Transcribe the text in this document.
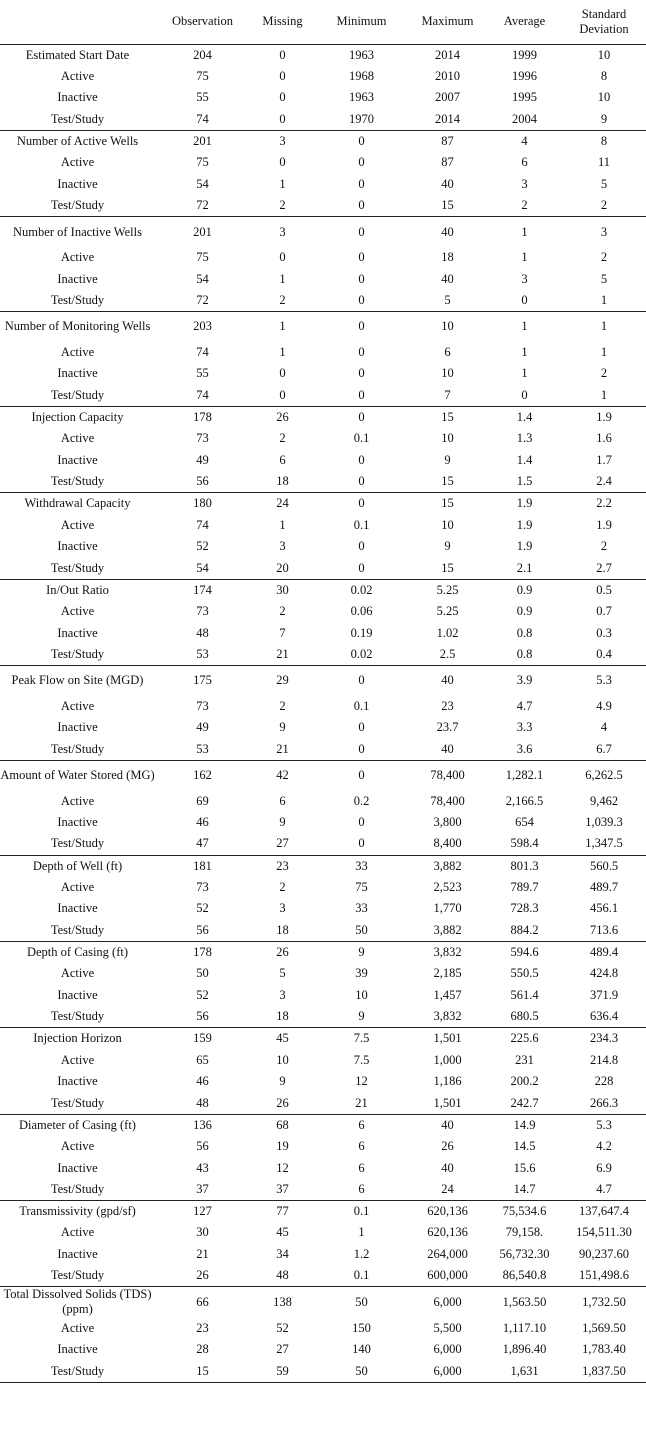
	Observation	Missing	Minimum	Maximum	Average	Standard Deviation
Estimated Start Date	204	0	1963	2014	1999	10
Active	75	0	1968	2010	1996	8
Inactive	55	0	1963	2007	1995	10
Test/Study	74	0	1970	2014	2004	9
Number of Active Wells	201	3	0	87	4	8
Active	75	0	0	87	6	11
Inactive	54	1	0	40	3	5
Test/Study	72	2	0	15	2	2
Number of Inactive Wells	201	3	0	40	1	3
Active	75	0	0	18	1	2
Inactive	54	1	0	40	3	5
Test/Study	72	2	0	5	0	1
Number of Monitoring Wells	203	1	0	10	1	1
Active	74	1	0	6	1	1
Inactive	55	0	0	10	1	2
Test/Study	74	0	0	7	0	1
Injection Capacity	178	26	0	15	1.4	1.9
Active	73	2	0.1	10	1.3	1.6
Inactive	49	6	0	9	1.4	1.7
Test/Study	56	18	0	15	1.5	2.4
Withdrawal Capacity	180	24	0	15	1.9	2.2
Active	74	1	0.1	10	1.9	1.9
Inactive	52	3	0	9	1.9	2
Test/Study	54	20	0	15	2.1	2.7
In/Out Ratio	174	30	0.02	5.25	0.9	0.5
Active	73	2	0.06	5.25	0.9	0.7
Inactive	48	7	0.19	1.02	0.8	0.3
Test/Study	53	21	0.02	2.5	0.8	0.4
Peak Flow on Site (MGD)	175	29	0	40	3.9	5.3
Active	73	2	0.1	23	4.7	4.9
Inactive	49	9	0	23.7	3.3	4
Test/Study	53	21	0	40	3.6	6.7
Amount of Water Stored (MG)	162	42	0	78,400	1,282.1	6,262.5
Active	69	6	0.2	78,400	2,166.5	9,462
Inactive	46	9	0	3,800	654	1,039.3
Test/Study	47	27	0	8,400	598.4	1,347.5
Depth of Well (ft)	181	23	33	3,882	801.3	560.5
Active	73	2	75	2,523	789.7	489.7
Inactive	52	3	33	1,770	728.3	456.1
Test/Study	56	18	50	3,882	884.2	713.6
Depth of Casing (ft)	178	26	9	3,832	594.6	489.4
Active	50	5	39	2,185	550.5	424.8
Inactive	52	3	10	1,457	561.4	371.9
Test/Study	56	18	9	3,832	680.5	636.4
Injection Horizon	159	45	7.5	1,501	225.6	234.3
Active	65	10	7.5	1,000	231	214.8
Inactive	46	9	12	1,186	200.2	228
Test/Study	48	26	21	1,501	242.7	266.3
Diameter of Casing (ft)	136	68	6	40	14.9	5.3
Active	56	19	6	26	14.5	4.2
Inactive	43	12	6	40	15.6	6.9
Test/Study	37	37	6	24	14.7	4.7
Transmissivity (gpd/sf)	127	77	0.1	620,136	75,534.6	137,647.4
Active	30	45	1	620,136	79,158.	154,511.30
Inactive	21	34	1.2	264,000	56,732.30	90,237.60
Test/Study	26	48	0.1	600,000	86,540.8	151,498.6
Total Dissolved Solids (TDS) (ppm)	66	138	50	6,000	1,563.50	1,732.50
Active	23	52	150	5,500	1,117.10	1,569.50
Inactive	28	27	140	6,000	1,896.40	1,783.40
Test/Study	15	59	50	6,000	1,631	1,837.50
